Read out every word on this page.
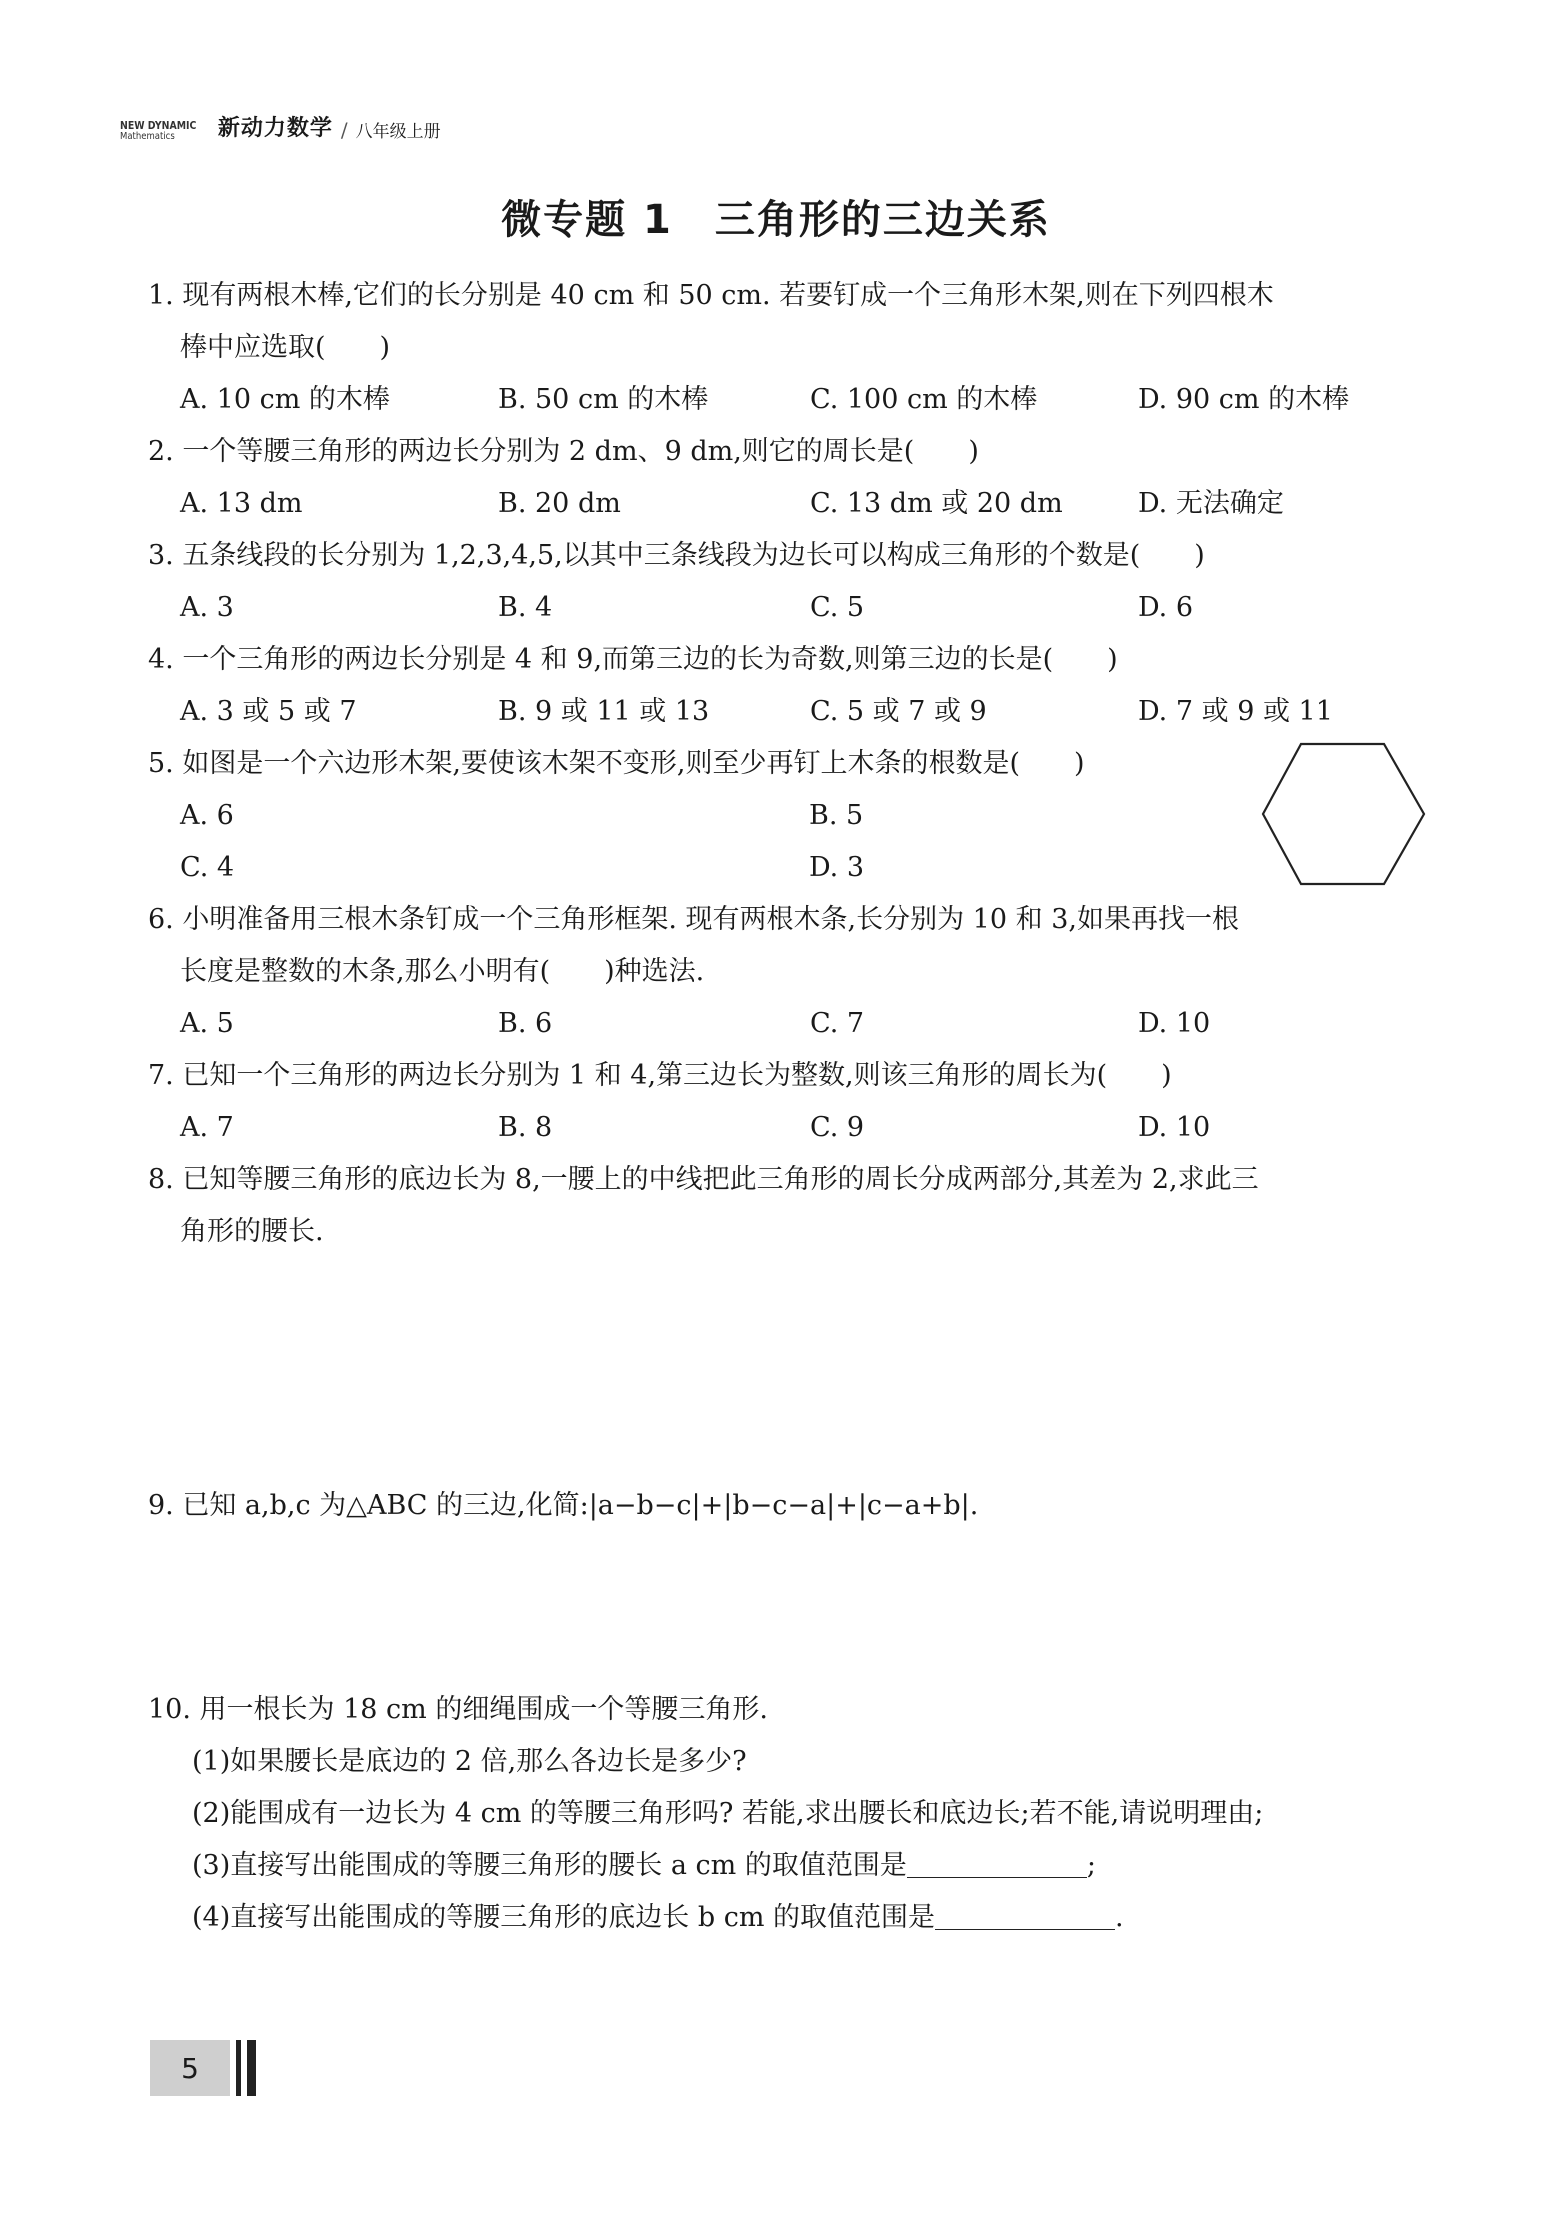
NEW DYNAMIC
Mathematics	新动力数学 / 八年级上册
微专题 1　三角形的三边关系
1. 现有两根木棒,它们的长分别是 40 cm 和 50 cm. 若要钉成一个三角形木架,则在下列四根木
棒中应选取(　　)
A. 10 cm 的木棒	B. 50 cm 的木棒	C. 100 cm 的木棒	D. 90 cm 的木棒
2. 一个等腰三角形的两边长分别为 2 dm、9 dm,则它的周长是(　　)
A. 13 dm	B. 20 dm	C. 13 dm 或 20 dm	D. 无法确定
3. 五条线段的长分别为 1,2,3,4,5,以其中三条线段为边长可以构成三角形的个数是(　　)
A. 3	B. 4	C. 5	D. 6
4. 一个三角形的两边长分别是 4 和 9,而第三边的长为奇数,则第三边的长是(　　)
A. 3 或 5 或 7	B. 9 或 11 或 13	C. 5 或 7 或 9	D. 7 或 9 或 11
5. 如图是一个六边形木架,要使该木架不变形,则至少再钉上木条的根数是(　　)
A. 6	B. 5
C. 4	D. 3
6. 小明准备用三根木条钉成一个三角形框架. 现有两根木条,长分别为 10 和 3,如果再找一根
长度是整数的木条,那么小明有(　　)种选法.
A. 5	B. 6	C. 7	D. 10
7. 已知一个三角形的两边长分别为 1 和 4,第三边长为整数,则该三角形的周长为(　　)
A. 7	B. 8	C. 9	D. 10
8. 已知等腰三角形的底边长为 8,一腰上的中线把此三角形的周长分成两部分,其差为 2,求此三
角形的腰长.
9. 已知 a,b,c 为△ABC 的三边,化简:|a−b−c|+|b−c−a|+|c−a+b|.
10. 用一根长为 18 cm 的细绳围成一个等腰三角形.
(1)如果腰长是底边的 2 倍,那么各边长是多少?
(2)能围成有一边长为 4 cm 的等腰三角形吗? 若能,求出腰长和底边长;若不能,请说明理由;
(3)直接写出能围成的等腰三角形的腰长 a cm 的取值范围是	;
(4)直接写出能围成的等腰三角形的底边长 b cm 的取值范围是	.
5
